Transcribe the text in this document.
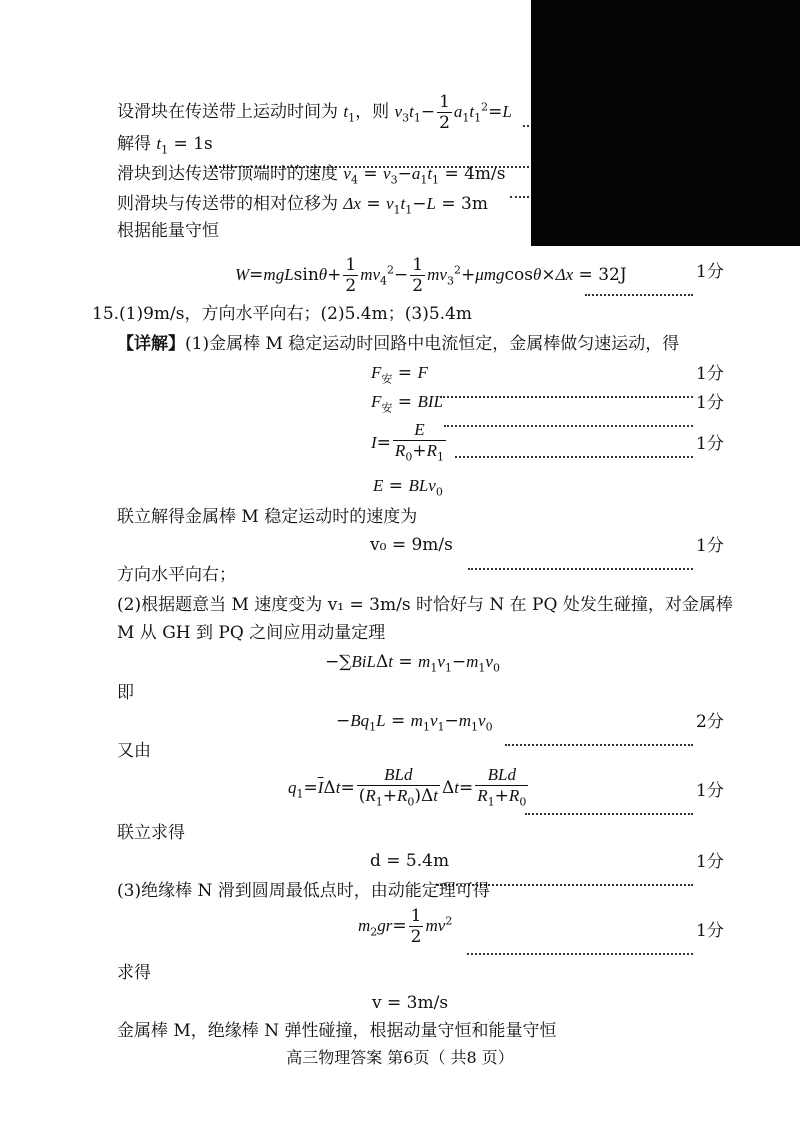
设滑块在传送带上运动时间为 $t_1$，则 $v_3t_1- \frac{1}{2} a_1t_1^2=L$
解得 $t_1 = 1s$
滑块到达传送带顶端时的速度 $v_4 = v_3-a_1t_1 = 4m/s$
则滑块与传送带的相对位移为 $\Delta x = v_1t_1-L = 3m$
根据能量守恒
$W=mgLsin\theta+ \frac{1}{2} mv_4^2- \frac{1}{2} mv_3^2+\mu mgcos\theta\times\Delta x = 32J$	1分
15.(1)9m/s，方向水平向右；(2)5.4m；(3)5.4m
【详解】(1)金属棒 M 稳定运动时回路中电流恒定，金属棒做匀速运动，得
$F_安 = F$	1分
$F_安$ = BIL	1分
$I= \frac{E}{R_0+R_1}$	1分
E = BLv$_0$
联立解得金属棒 M 稳定运动时的速度为
v₀ = 9m/s	1分
方向水平向右；
(2)根据题意当 M 速度变为 v₁ = 3m/s 时恰好与 N 在 PQ 处发生碰撞，对金属棒
M 从 GH 到 PQ 之间应用动量定理
$-\sum BiL\Delta t = m_1v_1-m_1v_0$
即
$-Bq_1L = m_1v_1-m_1v_0$	2分
又由
$q_1=\overline{I}\Delta t= \frac{\text{BLd}}{(R_1+R_0)\Delta t} \Delta t= \frac{\text{BLd}}{R_1+R_0}$	1分
联立求得
d = 5.4m	1分
(3)绝缘棒 N 滑到圆周最低点时，由动能定理可得
$m_2gr= \frac{1}{2} mv^2$
1分
求得
v = 3m/s
金属棒 M，绝缘棒 N 弹性碰撞，根据动量守恒和能量守恒
高三物理答案 第6页（ 共8 页）
